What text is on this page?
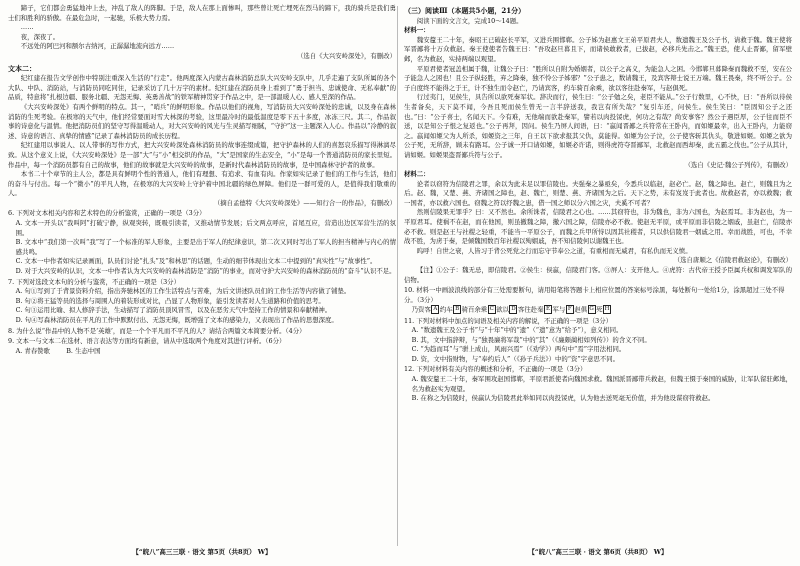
蹄子，它们都会勇猛地冲上去，冲乱了敌人的阵脚。于是，敌人在那上面惨叫，那些曾让死亡埋死在烈马的蹄下，我的骑兵是我们勇士们和胜利的骄傲。在最危急时，一起驰，乐极大势力焉。

……

夜，深夜了。

不远处的阿巴河和额尔古纳河，正潺潺地流向远方……

（选自《大兴安岭深处》，有删改）

文本二：

纪红建在报告文学创作中特别注重深入生活的“行走”。他两度深入内蒙古森林消防总队大兴安岭支队中，几乎走遍了支队所属的各个大队、中队、消防站，与消防员同吃同住，记录采访了几十万字的素材。纪红建在消防员身上看到了“勇于担当、忠诚使命、无私奉献”的品质，特意将“扎根边疆、服务北疆、无怨无悔、英勇善战”的铁军精神贯穿于作品之中，是一部温暖人心、感人至深的作品。

《大兴安岭深处》有两个鲜明的特点。其一，“哨兵”的鲜明形象。作品以他们的视角，写消防员大兴安岭深处的忠诚，以及身在森林消防的生死考验。在极寒的天气中，他们经常要面对雪大林深的考验，这里最冷时的最低温度是零下五十多度，冰冻三尺。其二，作品叙事的诗意化与温情。他把消防员们的坚守写得温暖动人，对大兴安岭的风光与生灵描写细腻，“守护”这一主题深入人心。作品以“冷静的叙述、诗意的语言、真挚的情感”记录了森林消防员的成长历程。

纪红建用以事说人、以人带事的写作方式，把大兴安岭深处森林消防员的故事连缀成篇，把守护森林的人们的喜怒哀乐描写得淋漓尽致。从这个意义上说，《大兴安岭深处》是一部“大”与“小”相交织的作品，“大”是国家的生态安全，“小”是每一个普通消防员的家长里短。作品中，每一个消防员都有自己的故事，他们的故事就是大兴安岭的故事，是新时代森林消防员的故事，是中国森林守护者的故事。

本书二十个章节的主人公，都是具有鲜明个性的普通人，他们有理想、有追求、有血有肉。作家如实记录了他们的工作与生活，他们的奋斗与付出。每一个“微小”的平凡人物，在极寒的大兴安岭上守护着中国北疆的绿色屏障。他们是一群可爱的人，是值得我们敬重的人。

（摘自孟德特《大兴安岭深处》——知行合一的作品》，有删改）

6. 下列对文本相关内容和艺术特色的分析鉴赏，正确的一项是（3分）

A. 文本一开头以“我叫阿”打破宁静，纵观突转，既吸引读者，又推动情节发展；后文两点呼应，首尾互应，营造出边区军营生活的氛围。

B. 文本中“我们第一次叫“我”写了一个标准的军人形象，主要是出于军人的纪律意识，第二次又同时写出了军人的担当精神与内心的情感共鸣。

C. 文本一中作者如实记录画面，队员们讨论“扎头”及“和林思”的话题，生动的细节体现出文本二中提到的“真实性”与“故事性”。

D. 对于大兴安岭的认识，文本一中作者认为大兴安岭的森林消防是“消防”的事业，而对守护大兴安岭的森林消防员的“奋斗”认识不足。

7. 下列对选段文本句的分析与鉴赏，不正确的一项是（3分）

A. 句①写到了于背景资料介绍，指出奔驰林区的工作生活特点与苦难，为后文讲述队员们的工作生活等内容做了铺垫。

B. 句②将王猛等员的选择与周围人的着装形成对比，凸显了人物形象，能引发读者对人生道路和价值的思考。

C. 句③运用比喻、拟人修辞手法，生动描写了消防员顶风冒雪，以及在恶劣天气中坚持工作的情景和奉献精神。

D. 句④写森林消防员在平凡的工作中默默付出、无怨无悔，既增强了文本的感染力，又表现出了作品的思想深度。

8. 为什么说“作品中的人物不是‘英雄’，而是一个个平凡而不平凡的人？请结合两篇文本简要分析。（4分）

9. 文本一与文本二在选材、语言表达等方面均有新意，请从中选取两个角度对其进行评析。（6分）

A. 青春赞歌	B. 生态中国

（三）阅读Ⅲ（本题共5小题，21分）

阅读下面的文言文，完成10～14题。

材料一：

魏安釐王二十年，秦昭王已破赵长平军，又进兵围邯郸。公子姊为赵惠文王弟平原君夫人，数遗魏王及公子书，请救于魏。魏王使将军晋鄙将十万众救赵。秦王使使者告魏王曰：“吾攻赵旦暮且下，而诸侯敢救者，已拔赵，必移兵先击之。”魏王恐，使人止晋鄙，留军壁邺，名为救赵，实持两端以观望。

平原君使者冠盖相属于魏，让魏公子曰：“胜所以自附为婚姻者，以公子之高义，为能急人之困。今邯郸旦暮降秦而魏救不至，安在公子能急人之困也！且公子纵轻胜，弃之降秦，独不怜公子姊邪？”公子患之，数请魏王，及宾客辩士说王万端。魏王畏秦，终不听公子。公子自度终不能得之于王，计不独生而令赵亡，乃请宾客，约车骑百余乘，欲以客往赴秦军，与赵俱死。

行过夷门，见侯生，具告所以欲死秦军状。辞决而行，侯生曰：“公子勉之矣，老臣不能从。”公子行数里，心不快，曰：“吾所以待侯生者备矣，天下莫不闻，今吾且死而侯生曾无一言半辞送我，我岂有所失哉？”复引车还，问侯生。侯生笑曰：“臣固知公子之还也。”曰：“公子喜士，名闻天下。今有难，无他端而欲赴秦军，譬若以肉投馁虎，何功之有哉？尚安事客？然公子遇臣厚，公子往而臣不送，以是知公子恨之复返也。”公子再拜，因问。侯生乃屏人间语，曰：“嬴闻晋鄙之兵符常在王卧内，而如姬最幸，出入王卧内，力能窃之。嬴闻如姬父为人所杀，如姬资之三年，自王以下欲求报其父仇，莫能得。如姬为公子泣，公子使客斩其仇头，敬进如姬。如姬之欲为公子死，无所辞，顾未有路耳。公子诚一开口请如姬，如姬必许诺，则得虎符夺晋鄙军，北救赵而西却秦，此五霸之伐也。”公子从其计，请如姬。如姬果盗晋鄙兵符与公子。

（选自《史记·魏公子列传》，有删改）

材料二：

论者以窃符为信陵君之罪，余以为此未足以罪信陵也。夫强秦之暴亟矣，今悉兵以临赵，赵必亡。赵，魏之障也。赵亡，则魏且为之后。赵、魏，又楚、燕、齐诸国之障也，赵、魏亡，则楚、燕、齐诸国为之后。天下之势，未有岌岌于此者也。故救赵者，亦以救魏；救一国者，亦以救六国也。窃魏之符以纾魏之患，借一国之师以分六国之灾，夫奚不可者？

然则信陵果无罪乎？曰：又不然也。余所诛者，信陵君之心也。……其窃符也，非为魏也，非为六国也，为赵焉耳。非为赵也，为一平原君耳。使祸不在赵，而在他国，则虽撤魏之障，撤六国之障，信陵亦必不救。使赵无平原，或平原而非信陵之姻戚，虽赵亡，信陵亦必不救。则是赵王与社稷之轻重，不能当一平原公子，而魏之兵甲所恃以固其社稷者，只以供信陵君一姻戚之用。幸而战胜，可也，不幸战不胜，为虏于秦，是倾魏国数百年社稷以殉姻戚，吾不知信陵何以谢魏王也。

呜呼！自世之衰，人皆习于背公死党之行而忘守节奉公之道，有重相而无威君，有私仇而无义愤。

（选自唐顺之《信陵君救赵论》，有删改）

【注】①公子：魏无忌，即信陵君。②侯生：侯嬴，信陵君门客。③屏人：支开他人。④虎符：古代帝王授予臣属兵权和调发军队的信物。

10. 材料一中画波浪线的部分有三处需要断句，请用铅笔将答题卡上相应位置的答案标号涂黑，每处断句一处给1分，涂黑超过三处不得分。（3分）

乃资客 A 约车 B 骑百余乘 C 欲以 D 客往赴秦 E 军与 F 赵俱 G 死 H

11. 下列对材料中加点的词语及相关内容的解说，不正确的一项是（3分）

A. “数遗魏王及公子书”与“十年”中的“遗”（“遗”意为“给予”），意义相同。

B. 其，文中指辞辩，与“独畏廉将军哉”中的“其”（《廉颇蔺相如列传》）的含义不同。

C. “为趋而耳”与“骈上成山，风雨兴焉”（《劝学》）两句中“焉”字用法相同。

D. 资，文中指财物，与“奉约后人”（《孙子兵法》）中的“资”字意思不同。

12. 下列对材料有关内容的概述和分析，不正确的一项是（3分）

A. 魏安釐王二十年，秦军围攻赵国邯郸，平原君派使者向魏国求救。魏国派晋鄙带兵救赵，但魏王慑于秦国的威胁，让军队留驻邺地，名为救赵实为观望。

B. 在称之为信陵时，侯赢认为信陵君此举如同以肉投馁虎，认为他去送死毫无价值，并为他设谋窃符救赵。

【“皖八”高三三联 · 语文 第5页（共8页） W】	【“皖八”高三三联 · 语文 第6页（共8页） W】
